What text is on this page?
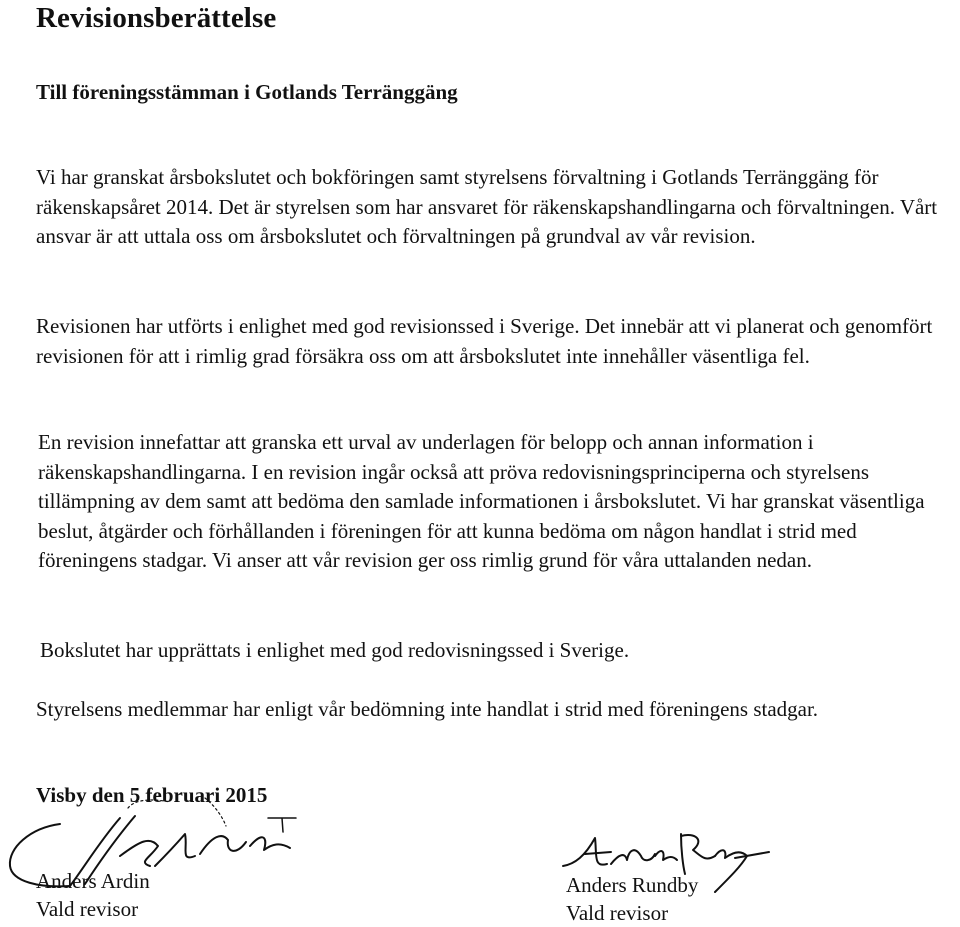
Revisionsberättelse

Till föreningsstämman i Gotlands Terränggäng

Vi har granskat årsbokslutet och bokföringen samt styrelsens förvaltning i Gotlands Terränggäng för räkenskapsåret 2014. Det är styrelsen som har ansvaret för räkenskapshandlingarna och förvaltningen. Vårt ansvar är att uttala oss om årsbokslutet och förvaltningen på grundval av vår revision.

Revisionen har utförts i enlighet med god revisionssed i Sverige. Det innebär att vi planerat och genomfört revisionen för att i rimlig grad försäkra oss om att årsbokslutet inte innehåller väsentliga fel.

En revision innefattar att granska ett urval av underlagen för belopp och annan information i räkenskapshandlingarna. I en revision ingår också att pröva redovisningsprinciperna och styrelsens tillämpning av dem samt att bedöma den samlade informationen i årsbokslutet. Vi har granskat väsentliga beslut, åtgärder och förhållanden i föreningen för att kunna bedöma om någon handlat i strid med föreningens stadgar. Vi anser att vår revision ger oss rimlig grund för våra uttalanden nedan.

Bokslutet har upprättats i enlighet med god redovisningssed i Sverige.

Styrelsens medlemmar har enligt vår bedömning inte handlat i strid med föreningens stadgar.

Visby den 5 februari 2015

Anders Ardin
Vald revisor

Anders Rundby
Vald revisor
